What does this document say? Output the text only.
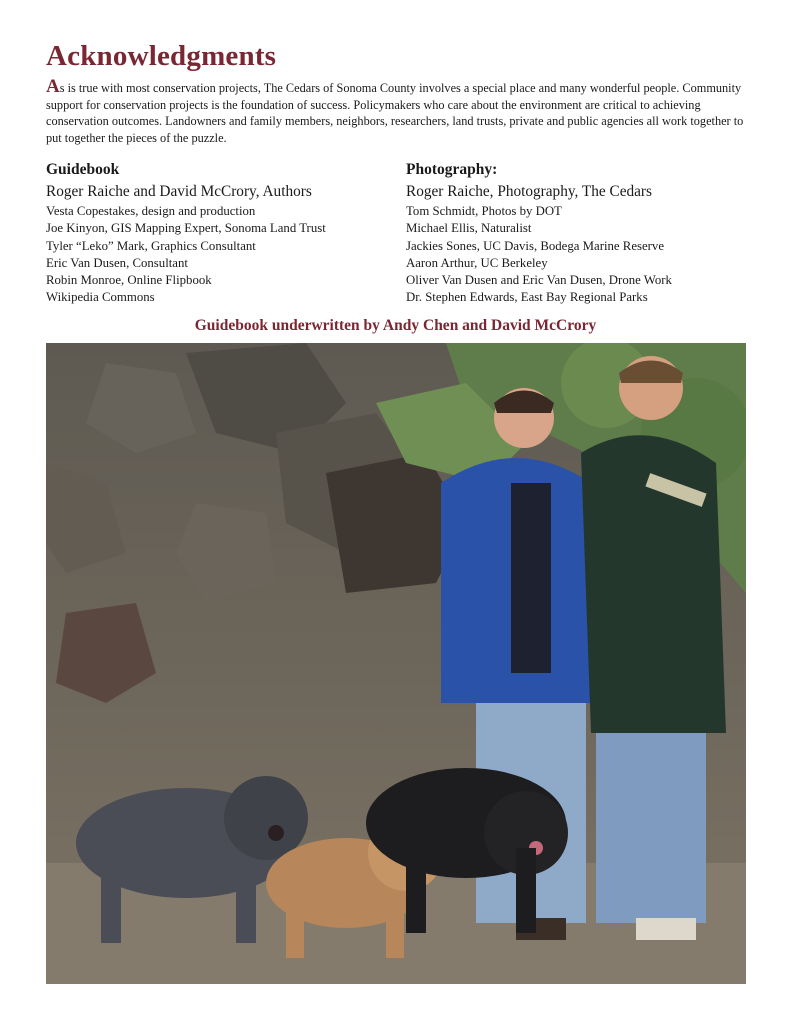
Acknowledgments

As is true with most conservation projects, The Cedars of Sonoma County involves a special place and many wonderful people. Community support for conservation projects is the foundation of success. Policymakers who care about the environment are critical to achieving conservation outcomes. Landowners and family members, neighbors, researchers, land trusts, private and public agencies all work together to put together the pieces of the puzzle.

Guidebook
Roger Raiche and David McCrory, Authors
Vesta Copestakes, design and production
Joe Kinyon, GIS Mapping Expert, Sonoma Land Trust
Tyler “Leko” Mark, Graphics Consultant
Eric Van Dusen, Consultant
Robin Monroe, Online Flipbook
Wikipedia Commons
Photography:
Roger Raiche, Photography, The Cedars
Tom Schmidt, Photos by DOT
Michael Ellis, Naturalist
Jackies Sones, UC Davis, Bodega Marine Reserve
Aaron Arthur, UC Berkeley
Oliver Van Dusen and Eric Van Dusen, Drone Work
Dr. Stephen Edwards, East Bay Regional Parks
Guidebook underwritten by Andy Chen and David McCrory
